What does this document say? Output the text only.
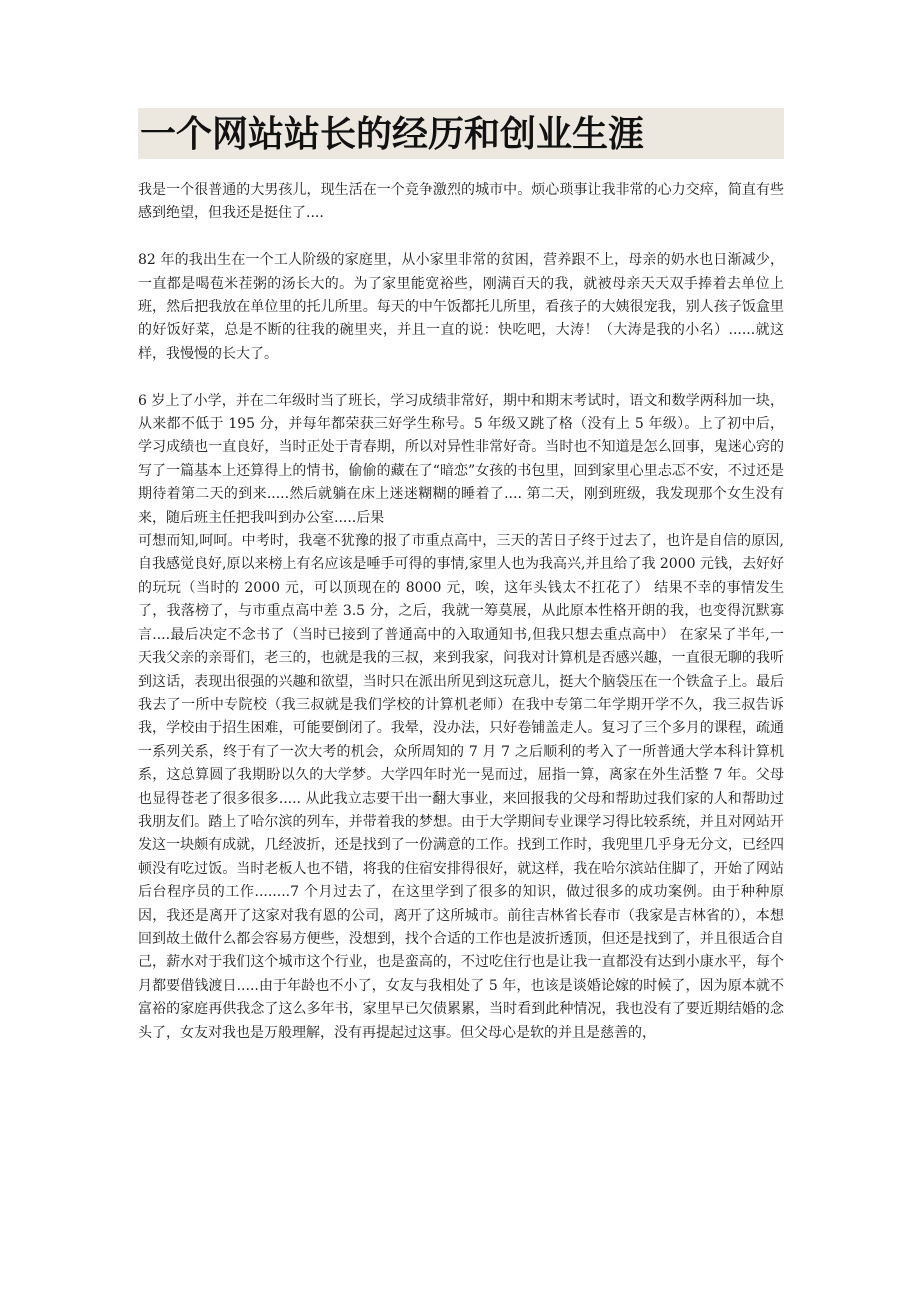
一个网站站长的经历和创业生涯

我是一个很普通的大男孩儿，现生活在一个竞争激烈的城市中。烦心琐事让我非常的心力交瘁，简直有些感到绝望，但我还是挺住了....

82 年的我出生在一个工人阶级的家庭里，从小家里非常的贫困，营养跟不上，母亲的奶水也日渐减少，一直都是喝苞米茬粥的汤长大的。为了家里能宽裕些，刚满百天的我，就被母亲天天双手捧着去单位上班，然后把我放在单位里的托儿所里。每天的中午饭都托儿所里，看孩子的大姨很宠我，别人孩子饭盒里的好饭好菜，总是不断的往我的碗里夹，并且一直的说：快吃吧，大涛！（大涛是我的小名）......就这样，我慢慢的长大了。

6 岁上了小学，并在二年级时当了班长，学习成绩非常好，期中和期末考试时，语文和数学两科加一块，从来都不低于 195 分，并每年都荣获三好学生称号。5 年级又跳了格（没有上 5 年级）。上了初中后，学习成绩也一直良好，当时正处于青春期，所以对异性非常好奇。当时也不知道是怎么回事，鬼迷心窍的写了一篇基本上还算得上的情书，偷偷的藏在了“暗恋”女孩的书包里，回到家里心里忐忑不安，不过还是期待着第二天的到来.....然后就躺在床上迷迷糊糊的睡着了.... 第二天，刚到班级，我发现那个女生没有来，随后班主任把我叫到办公室.....后果

可想而知,呵呵。中考时，我毫不犹豫的报了市重点高中，三天的苦日子终于过去了，也许是自信的原因,自我感觉良好,原以来榜上有名应该是唾手可得的事情,家里人也为我高兴,并且给了我 2000 元钱，去好好的玩玩（当时的 2000 元，可以顶现在的 8000 元，唉，这年头钱太不扛花了） 结果不幸的事情发生了，我落榜了，与市重点高中差 3.5 分，之后，我就一筹莫展，从此原本性格开朗的我，也变得沉默寡言....最后决定不念书了（当时已接到了普通高中的入取通知书,但我只想去重点高中） 在家呆了半年,一天我父亲的亲哥们，老三的，也就是我的三叔，来到我家，问我对计算机是否感兴趣，一直很无聊的我听到这话，表现出很强的兴趣和欲望，当时只在派出所见到这玩意儿，挺大个脑袋压在一个铁盒子上。最后我去了一所中专院校（我三叔就是我们学校的计算机老师）在我中专第二年学期开学不久，我三叔告诉我，学校由于招生困难，可能要倒闭了。我晕，没办法，只好卷铺盖走人。复习了三个多月的课程，疏通一系列关系，终于有了一次大考的机会，众所周知的 7 月 7 之后顺利的考入了一所普通大学本科计算机系，这总算圆了我期盼以久的大学梦。大学四年时光一晃而过，屈指一算，离家在外生活整 7 年。父母也显得苍老了很多很多..... 从此我立志要干出一翻大事业，来回报我的父母和帮助过我们家的人和帮助过我朋友们。踏上了哈尔滨的列车，并带着我的梦想。由于大学期间专业课学习得比较系统，并且对网站开发这一块颇有成就，几经波折，还是找到了一份满意的工作。找到工作时，我兜里几乎身无分文，已经四顿没有吃过饭。当时老板人也不错，将我的住宿安排得很好，就这样，我在哈尔滨站住脚了，开始了网站后台程序员的工作........7 个月过去了，在这里学到了很多的知识，做过很多的成功案例。由于种种原因，我还是离开了这家对我有恩的公司，离开了这所城市。前往吉林省长春市（我家是吉林省的），本想回到故土做什么都会容易方便些，没想到，找个合适的工作也是波折透顶，但还是找到了，并且很适合自己，薪水对于我们这个城市这个行业，也是蛮高的，不过吃住行也是让我一直都没有达到小康水平，每个月都要借钱渡日.....由于年龄也不小了，女友与我相处了 5 年，也该是谈婚论嫁的时候了，因为原本就不富裕的家庭再供我念了这么多年书，家里早已欠债累累，当时看到此种情况，我也没有了要近期结婚的念头了，女友对我也是万般理解，没有再提起过这事。但父母心是软的并且是慈善的，
